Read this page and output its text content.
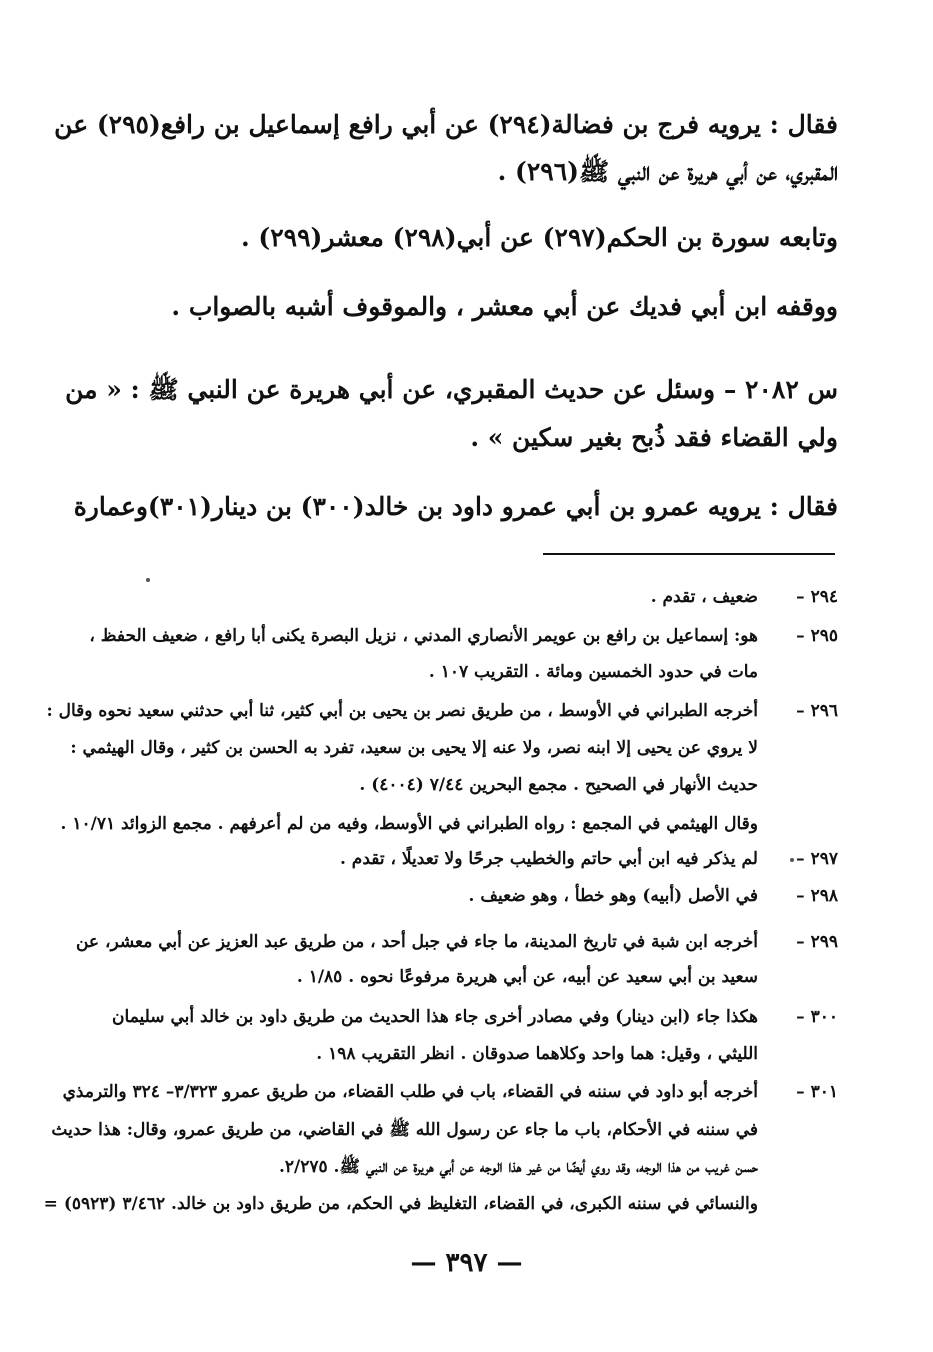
فقال : يرويه فرج بن فضالة(٢٩٤) عن أبي رافع إسماعيل بن رافع(٢٩٥) عن
المقبري، عن أبي هريرة عن النبي ﷺ(٢٩٦) .
وتابعه سورة بن الحكم(٢٩٧) عن أبي(٢٩٨) معشر(٢٩٩) .
ووقفه ابن أبي فديك عن أبي معشر ، والموقوف أشبه بالصواب .
س ٢٠٨٢ – وسئل عن حديث المقبري، عن أبي هريرة عن النبي ﷺ : « من
ولي القضاء فقد ذُبح بغير سكين » .
فقال : يرويه عمرو بن أبي عمرو داود بن خالد(٣٠٠) بن دينار(٣٠١)وعمارة
٢٩٤ –
ضعيف ، تقدم .
٢٩٥ –
هو: إسماعيل بن رافع بن عويمر الأنصاري المدني ، نزيل البصرة يكنى أبا رافع ، ضعيف الحفظ ،
مات في حدود الخمسين ومائة . التقريب ١٠٧ .
٢٩٦ –
أخرجه الطبراني في الأوسط ، من طريق نصر بن يحيى بن أبي كثير، ثنا أبي حدثني سعيد نحوه وقال :
لا يروي عن يحيى إلا ابنه نصر، ولا عنه إلا يحيى بن سعيد، تفرد به الحسن بن كثير ، وقال الهيثمي :
حديث الأنهار في الصحيح . مجمع البحرين ٧/٤٤ (٤٠٠٤) .
وقال الهيثمي في المجمع : رواه الطبراني في الأوسط، وفيه من لم أعرفهم . مجمع الزوائد ١٠/٧١ .
٢٩٧ –
لم يذكر فيه ابن أبي حاتم والخطيب جرحًا ولا تعديلًا ، تقدم .
٢٩٨ –
في الأصل (أبيه) وهو خطأ ، وهو ضعيف .
٢٩٩ –
أخرجه ابن شبة في تاريخ المدينة، ما جاء في جبل أحد ، من طريق عبد العزيز عن أبي معشر، عن
سعيد بن أبي سعيد عن أبيه، عن أبي هريرة مرفوعًا نحوه . ١/٨٥ .
٣٠٠ –
هكذا جاء (ابن دينار) وفي مصادر أخرى جاء هذا الحديث من طريق داود بن خالد أبي سليمان
الليثي ، وقيل: هما واحد وكلاهما صدوقان . انظر التقريب ١٩٨ .
٣٠١ –
أخرجه أبو داود في سننه في القضاء، باب في طلب القضاء، من طريق عمرو ٣/٣٢٣– ٣٢٤ والترمذي
في سننه في الأحكام، باب ما جاء عن رسول الله ﷺ في القاضي، من طريق عمرو، وقال: هذا حديث
حسن غريب من هذا الوجه، وقد روي أيضًا من غير هذا الوجه عن أبي هريرة عن النبي ﷺ. ٢/٢٧٥.
والنسائي في سننه الكبرى، في القضاء، التغليظ في الحكم، من طريق داود بن خالد. ٣/٤٦٢ (٥٩٢٣) =
— ٣٩٧ —
